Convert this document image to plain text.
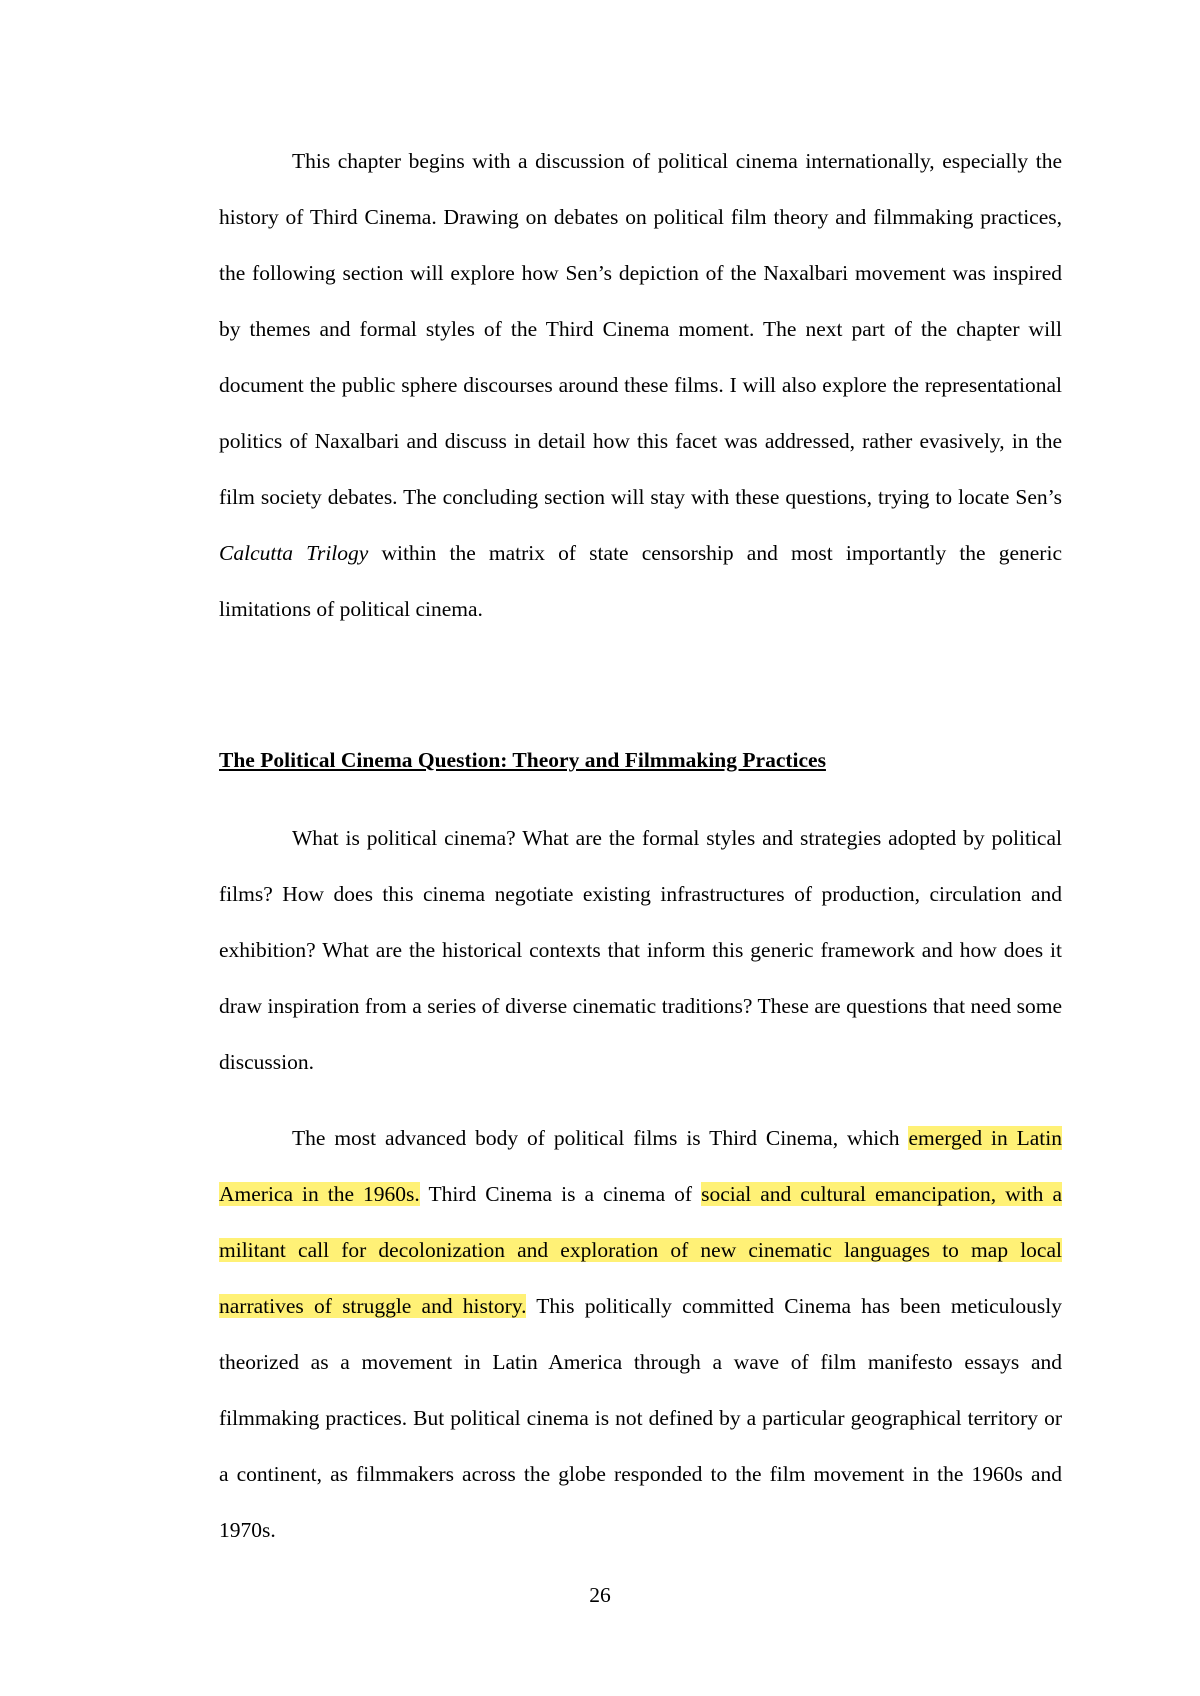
This chapter begins with a discussion of political cinema internationally, especially the history of Third Cinema. Drawing on debates on political film theory and filmmaking practices, the following section will explore how Sen’s depiction of the Naxalbari movement was inspired by themes and formal styles of the Third Cinema moment. The next part of the chapter will document the public sphere discourses around these films. I will also explore the representational politics of Naxalbari and discuss in detail how this facet was addressed, rather evasively, in the film society debates. The concluding section will stay with these questions, trying to locate Sen’s Calcutta Trilogy within the matrix of state censorship and most importantly the generic limitations of political cinema.

The Political Cinema Question: Theory and Filmmaking Practices

What is political cinema? What are the formal styles and strategies adopted by political films? How does this cinema negotiate existing infrastructures of production, circulation and exhibition? What are the historical contexts that inform this generic framework and how does it draw inspiration from a series of diverse cinematic traditions? These are questions that need some discussion.

The most advanced body of political films is Third Cinema, which emerged in Latin America in the 1960s. Third Cinema is a cinema of social and cultural emancipation, with a militant call for decolonization and exploration of new cinematic languages to map local narratives of struggle and history. This politically committed Cinema has been meticulously theorized as a movement in Latin America through a wave of film manifesto essays and filmmaking practices. But political cinema is not defined by a particular geographical territory or a continent, as filmmakers across the globe responded to the film movement in the 1960s and 1970s.

26
